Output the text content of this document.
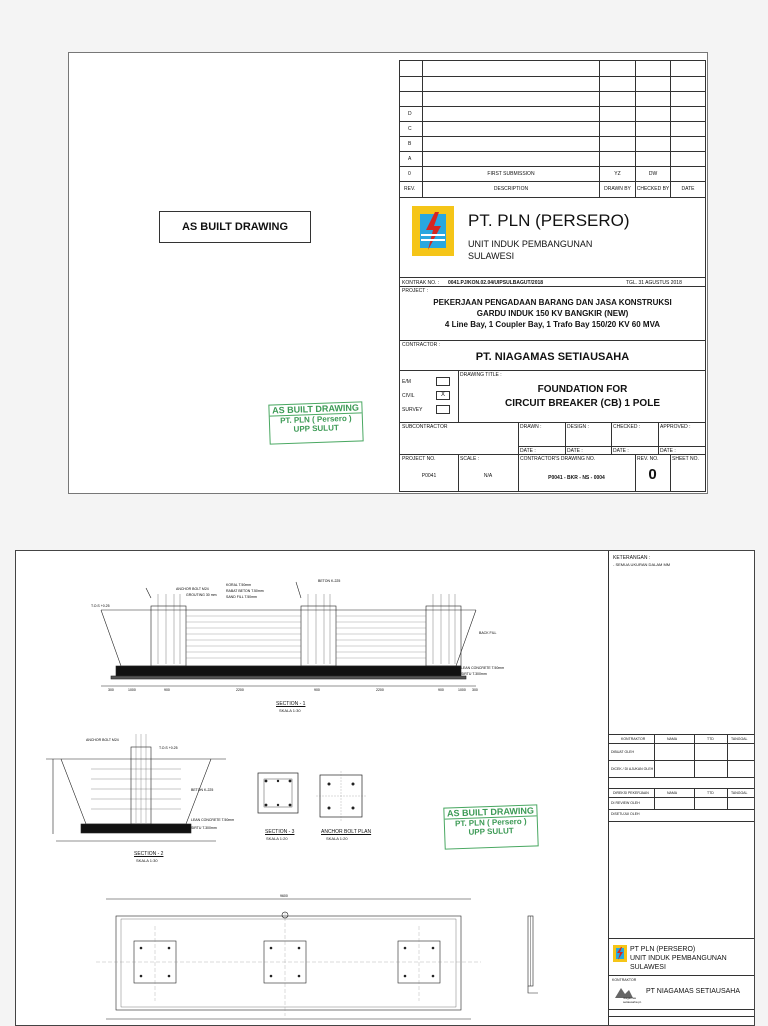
AS BUILT DRAWING
AS BUILT DRAWING
PT. PLN ( Persero )
UPP SULUT
D
C
B
A
0	FIRST SUBMISSION	YZ	DW
REV.	DESCRIPTION	DRAWN BY	CHECKED BY	DATE
PT. PLN (PERSERO)
UNIT INDUK PEMBANGUNAN
SULAWESI
KONTRAK NO. : 0041.PJ/KON.02.04/UIPSULBAGUT/2018	TGL. 31 AGUSTUS 2018
PROJECT :
PEKERJAAN PENGADAAN BARANG DAN JASA KONSTRUKSI
GARDU INDUK 150 KV BANGKIR (NEW)
4 Line Bay, 1 Coupler Bay, 1 Trafo Bay 150/20 KV 60 MVA
CONTRACTOR :
PT. NIAGAMAS SETIAUSAHA
E/M
CIVIL	X
SURVEY
DRAWING TITLE :
FOUNDATION FOR
CIRCUIT BREAKER (CB) 1 POLE
SUBCONTRACTOR	DRAWN :	DESIGN :	CHECKED :	APPROVED :
DATE :	DATE :	DATE :	DATE :
PROJECT NO.
P0041
SCALE :
N/A
CONTRACTOR'S DRAWING NO.
P0041 - BKR - NS - 0004
REV. NO.
0
SHEET NO.
KETERANGAN :
- SEMUA UKURAN DALAM MM
KONTRAKTOR	NAMA	TTD	TANGGAL
DIBUAT OLEH
DICEK / DI AJUKAN OLEH
DIREKSI PEKERJAAN	NAMA	TTD	TANGGAL
DI REVIEW OLEH
DISETUJUI OLEH
PT PLN (PERSERO)
UNIT INDUK PEMBANGUNAN
SULAWESI
KONTRAKTOR
niagamas setiausaha pt.
PT NIAGAMAS SETIAUSAHA
AS BUILT DRAWING
PT. PLN ( Persero )
UPP SULUT
T.O.S +0.25
ANCHOR BOLT M24
GROUTING 30 mm
KORAL T.50mm
RABAT BETON T.50mm
SAND FILL T.50mm
BETON K-225
BACK FILL
LEAN CONCRETE T.50mm
SIRTU T.300mm
300	1000	900	2200	900	2200	900	1000 300
SECTION - 1
SKALA 1:30
T.O.S +0.25
ANCHOR BOLT M24
BETON K-225
LEAN CONCRETE T.50mm
SIRTU T.300mm
SECTION - 2
SKALA 1:30
SECTION - 3
SKALA 1:20
ANCHOR BOLT PLAN
SKALA 1:20
9600
